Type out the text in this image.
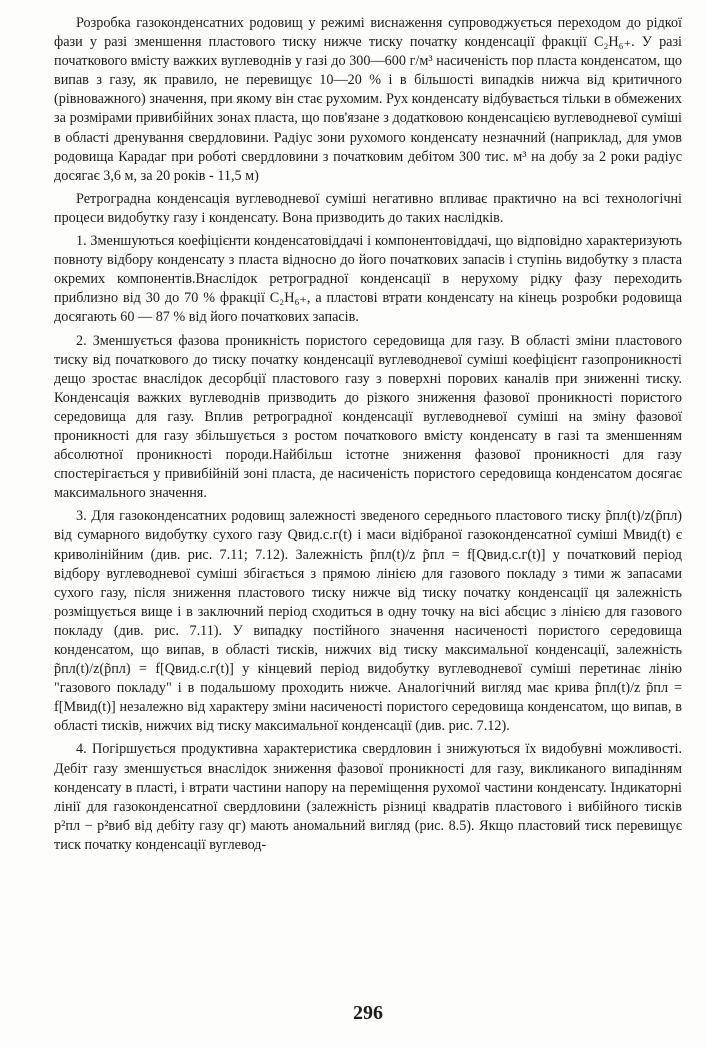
Розробка газоконденсатних родовищ у режимі виснаження супроводжується переходом до рідкої фази у разі зменшення пластового тиску нижче тиску початку конденсації фракції C₂H₆₊. У разі початкового вмісту важких вуглеводнів у газі до 300—600 г/м³ насиченість пор пласта конденсатом, що випав з газу, як правило, не перевищує 10—20 % і в більшості випадків нижча від критичного (рівноважного) значення, при якому він стає рухомим. Рух конденсату відбувається тільки в обмежених за розмірами привибійних зонах пласта, що пов'язане з додатковою конденсацією вуглеводневої суміші в області дренування свердловини. Радіус зони рухомого конденсату незначний (наприклад, для умов родовища Карадаг при роботі свердловини з початковим дебітом 300 тис. м³ на добу за 2 роки радіус досягає 3,6 м, за 20 років - 11,5 м)

Ретроградна конденсація вуглеводневої суміші негативно впливає практично на всі технологічні процеси видобутку газу і конденсату. Вона призводить до таких наслідків.

1. Зменшуються коефіцієнти конденсатовіддачі і компонентовіддачі, що відповідно характеризують повноту відбору конденсату з пласта відносно до його початкових запасів і ступінь видобутку з пласта окремих компонентів.Внаслідок ретроградної конденсації в нерухому рідку фазу переходить приблизно від 30 до 70 % фракції C₂H₆₊, а пластові втрати конденсату на кінець розробки родовища досягають 60 — 87 % від його початкових запасів.

2. Зменшується фазова проникність пористого середовища для газу. В області зміни пластового тиску від початкового до тиску початку конденсації вуглеводневої суміші коефіцієнт газопроникності дещо зростає внаслідок десорбції пластового газу з поверхні порових каналів при зниженні тиску. Конденсація важких вуглеводнів призводить до різкого зниження фазової проникності пористого середовища для газу. Вплив ретроградної конденсації вуглеводневої суміші на зміну фазової проникності для газу збільшується з ростом початкового вмісту конденсату в газі та зменшенням абсолютної проникності породи.Найбільш істотне зниження фазової проникності для газу спостерігається у привибійній зоні пласта, де насиченість пористого середовища конденсатом досягає максимального значення.

3. Для газоконденсатних родовищ залежності зведеного середнього пластового тиску p̃пл(t)/z(p̃пл) від сумарного видобутку сухого газу Qвид.с.г(t) і маси відібраної газоконденсатної суміші Mвид(t) є криволінійним (див. рис. 7.11; 7.12). Залежність p̃пл(t)/z p̃пл = f[Qвид.с.г(t)] у початковий період відбору вуглеводневої суміші збігається з прямою лінією для газового покладу з тими ж запасами сухого газу, після зниження пластового тиску нижче від тиску початку конденсації ця залежність розміщується вище і в заключний період сходиться в одну точку на вісі абсцис з лінією для газового покладу (див. рис. 7.11). У випадку постійного значення насиченості пористого середовища конденсатом, що випав, в області тисків, нижчих від тиску максимальної конденсації, залежність p̃пл(t)/z(p̃пл) = f[Qвид.с.г(t)] у кінцевий період видобутку вуглеводневої суміші перетинає лінію "газового покладу" і в подальшому проходить нижче. Аналогічний вигляд має крива p̃пл(t)/z p̃пл = f[Mвид(t)] незалежно від характеру зміни насиченості пористого середовища конденсатом, що випав, в області тисків, нижчих від тиску максимальної конденсації (див. рис. 7.12).

4. Погіршується продуктивна характеристика свердловин і знижуються їх видобувні можливості. Дебіт газу зменшується внаслідок зниження фазової проникності для газу, викликаного випадінням конденсату в пласті, і втрати частини напору на переміщення рухомої частини конденсату. Індикаторні лінії для газоконденсатної свердловини (залежність різниці квадратів пластового і вибійного тисків p²пл − p²виб від дебіту газу qг) мають аномальний вигляд (рис. 8.5). Якщо пластовий тиск перевищує тиск початку конденсації вуглевод-

296
